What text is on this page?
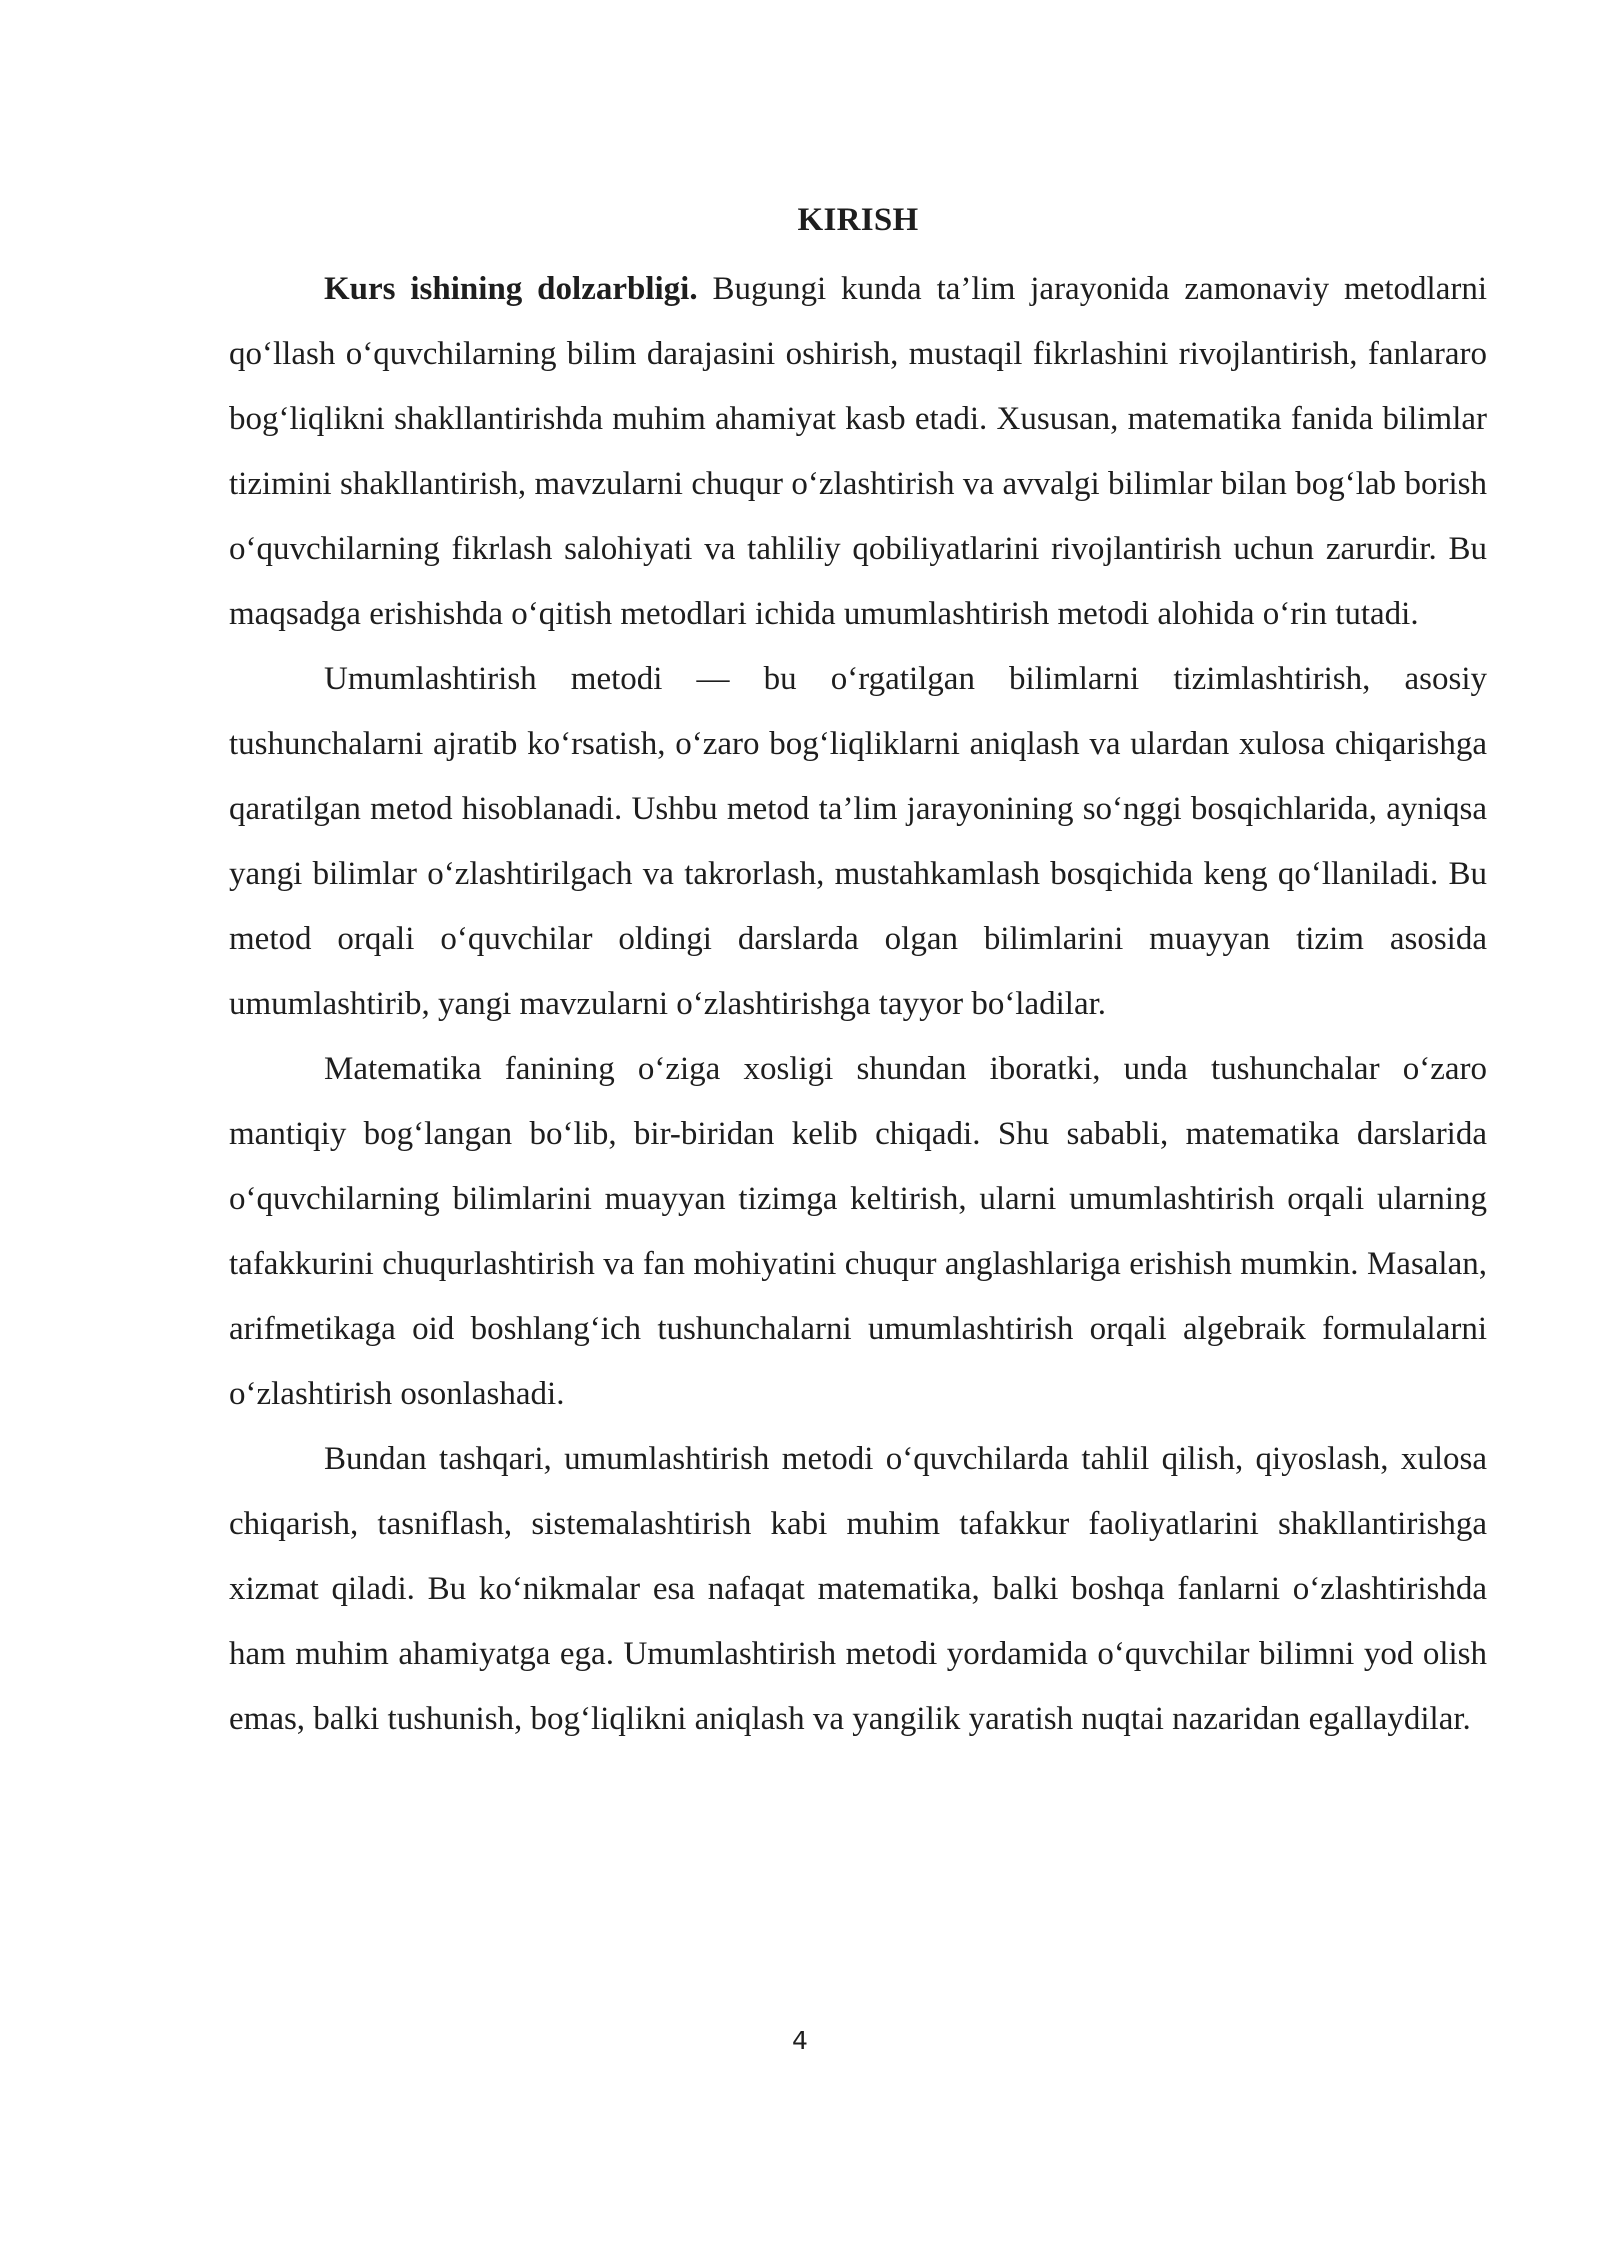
KIRISH

Kurs ishining dolzarbligi. Bugungi kunda ta’lim jarayonida zamonaviy metodlarni qo‘llash o‘quvchilarning bilim darajasini oshirish, mustaqil fikrlashini rivojlantirish, fanlararo bog‘liqlikni shakllantirishda muhim ahamiyat kasb etadi. Xususan, matematika fanida bilimlar tizimini shakllantirish, mavzularni chuqur o‘zlashtirish va avvalgi bilimlar bilan bog‘lab borish o‘quvchilarning fikrlash salohiyati va tahliliy qobiliyatlarini rivojlantirish uchun zarurdir. Bu maqsadga erishishda o‘qitish metodlari ichida umumlashtirish metodi alohida o‘rin tutadi.

Umumlashtirish metodi — bu o‘rgatilgan bilimlarni tizimlashtirish, asosiy tushunchalarni ajratib ko‘rsatish, o‘zaro bog‘liqliklarni aniqlash va ulardan xulosa chiqarishga qaratilgan metod hisoblanadi. Ushbu metod ta’lim jarayonining so‘nggi bosqichlarida, ayniqsa yangi bilimlar o‘zlashtirilgach va takrorlash, mustahkamlash bosqichida keng qo‘llaniladi. Bu metod orqali o‘quvchilar oldingi darslarda olgan bilimlarini muayyan tizim asosida umumlashtirib, yangi mavzularni o‘zlashtirishga tayyor bo‘ladilar.

Matematika fanining o‘ziga xosligi shundan iboratki, unda tushunchalar o‘zaro mantiqiy bog‘langan bo‘lib, bir-biridan kelib chiqadi. Shu sababli, matematika darslarida o‘quvchilarning bilimlarini muayyan tizimga keltirish, ularni umumlashtirish orqali ularning tafakkurini chuqurlashtirish va fan mohiyatini chuqur anglashlariga erishish mumkin. Masalan, arifmetikaga oid boshlang‘ich tushunchalarni umumlashtirish orqali algebraik formulalarni o‘zlashtirish osonlashadi.

Bundan tashqari, umumlashtirish metodi o‘quvchilarda tahlil qilish, qiyoslash, xulosa chiqarish, tasniflash, sistemalashtirish kabi muhim tafakkur faoliyatlarini shakllantirishga xizmat qiladi. Bu ko‘nikmalar esa nafaqat matematika, balki boshqa fanlarni o‘zlashtirishda ham muhim ahamiyatga ega. Umumlashtirish metodi yordamida o‘quvchilar bilimni yod olish emas, balki tushunish, bog‘liqlikni aniqlash va yangilik yaratish nuqtai nazaridan egallaydilar.

4
